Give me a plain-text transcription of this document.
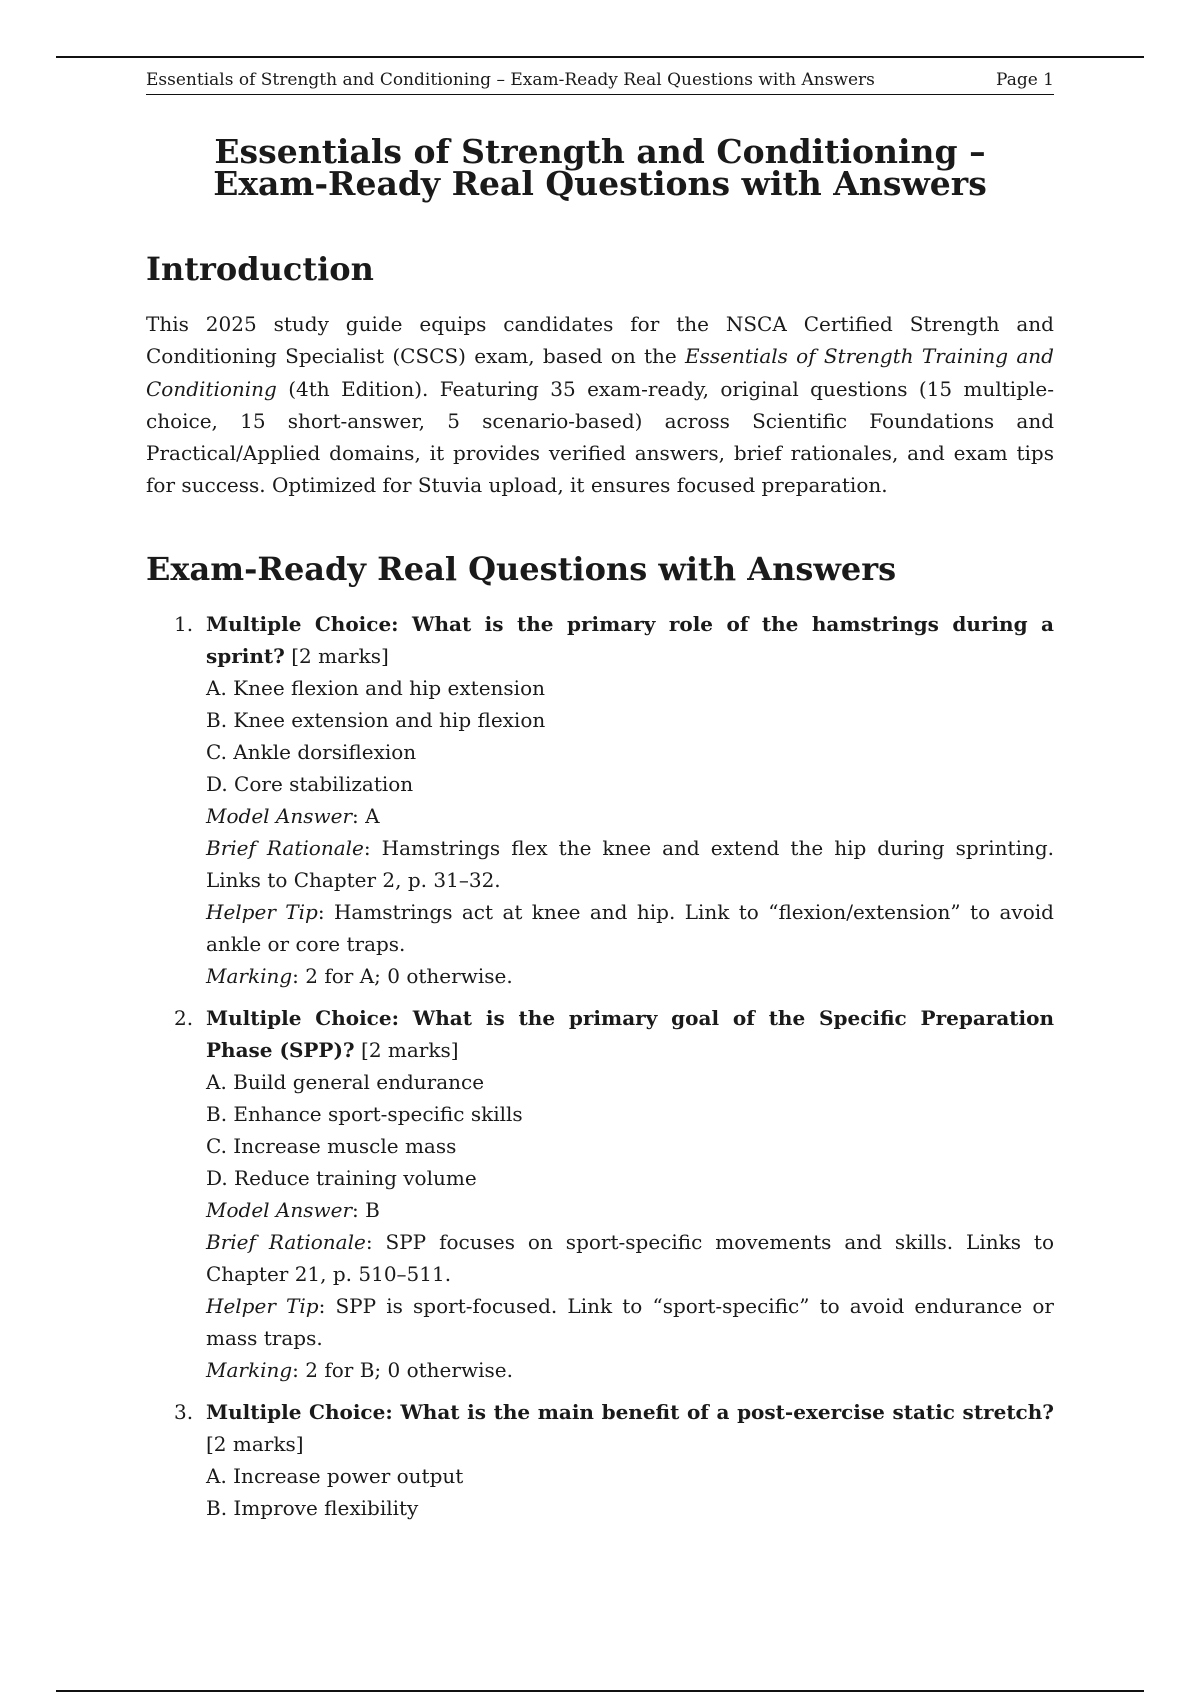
Essentials of Strength and Conditioning – Exam-Ready Real Questions with Answers	Page 1
Essentials of Strength and Conditioning –
Exam-Ready Real Questions with Answers
Introduction

This 2025 study guide equips candidates for the NSCA Certified Strength and Conditioning Specialist (CSCS) exam, based on the Essentials of Strength Training and Conditioning (4th Edition). Featuring 35 exam-ready, original questions (15 multiple-choice, 15 short-answer, 5 scenario-based) across Scientific Foundations and Practical/Applied domains, it provides verified answers, brief rationales, and exam tips for success. Optimized for Stuvia upload, it ensures focused preparation.

Exam-Ready Real Questions with Answers
1. Multiple Choice: What is the primary role of the hamstrings during a sprint? [2 marks]
A. Knee flexion and hip extension
B. Knee extension and hip flexion
C. Ankle dorsiflexion
D. Core stabilization
Model Answer: A
Brief Rationale: Hamstrings flex the knee and extend the hip during sprinting. Links to Chapter 2, p. 31–32.
Helper Tip: Hamstrings act at knee and hip. Link to “flexion/extension” to avoid ankle or core traps.
Marking: 2 for A; 0 otherwise.
2. Multiple Choice: What is the primary goal of the Specific Preparation Phase (SPP)? [2 marks]
A. Build general endurance
B. Enhance sport-specific skills
C. Increase muscle mass
D. Reduce training volume
Model Answer: B
Brief Rationale: SPP focuses on sport-specific movements and skills. Links to Chapter 21, p. 510–511.
Helper Tip: SPP is sport-focused. Link to “sport-specific” to avoid endurance or mass traps.
Marking: 2 for B; 0 otherwise.
3. Multiple Choice: What is the main benefit of a post-exercise static stretch? [2 marks]
A. Increase power output
B. Improve flexibility
